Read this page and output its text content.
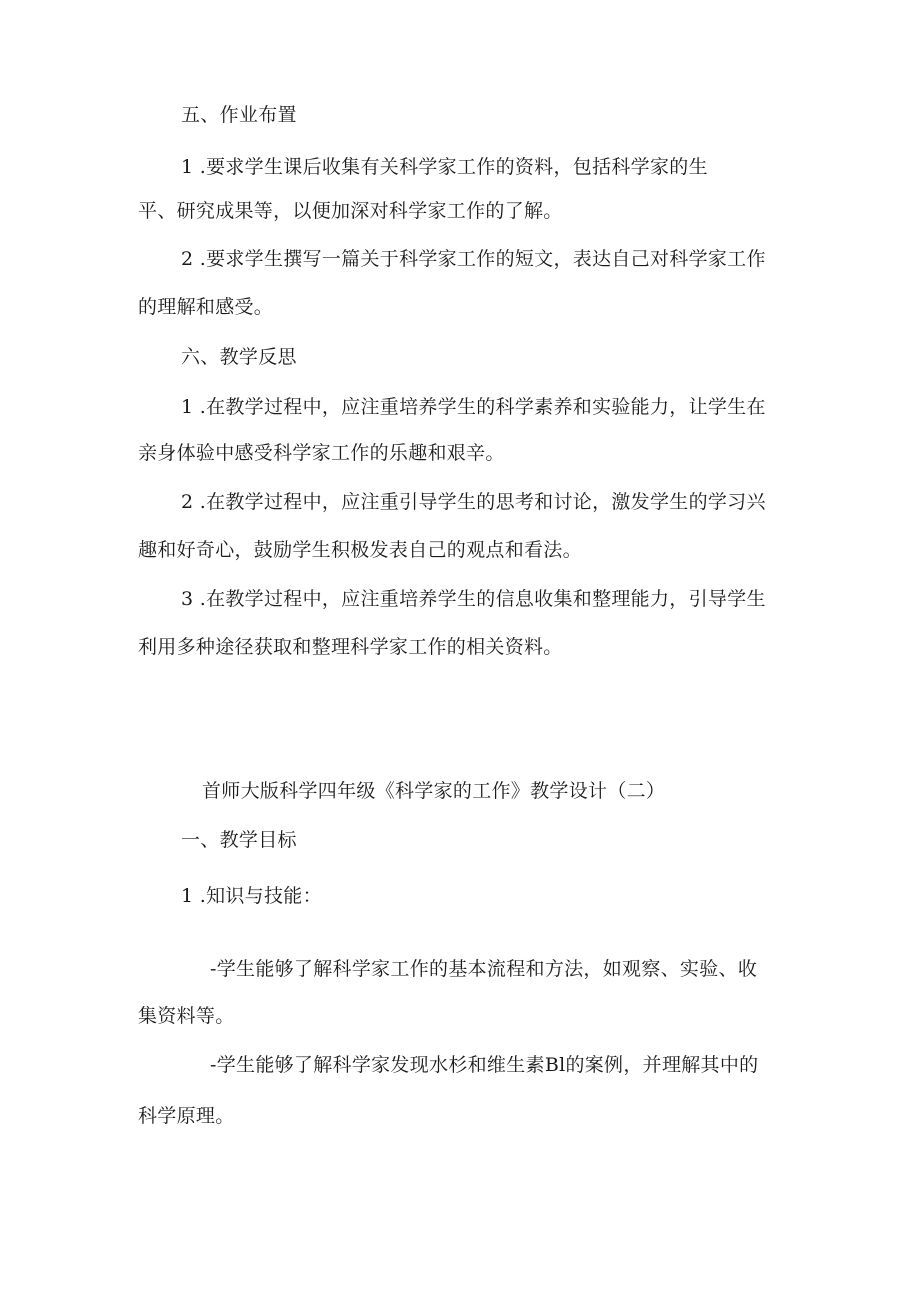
五、作业布置
1 .要求学生课后收集有关科学家工作的资料，包括科学家的生
平、研究成果等，以便加深对科学家工作的了解。
2 .要求学生撰写一篇关于科学家工作的短文，表达自己对科学家工作
的理解和感受。
六、教学反思
1 .在教学过程中，应注重培养学生的科学素养和实验能力，让学生在
亲身体验中感受科学家工作的乐趣和艰辛。
2 .在教学过程中，应注重引导学生的思考和讨论，激发学生的学习兴
趣和好奇心，鼓励学生积极发表自己的观点和看法。
3 .在教学过程中，应注重培养学生的信息收集和整理能力，引导学生
利用多种途径获取和整理科学家工作的相关资料。
首师大版科学四年级《科学家的工作》教学设计（二）
一、教学目标
1 .知识与技能：
-学生能够了解科学家工作的基本流程和方法，如观察、实验、收
集资料等。
-学生能够了解科学家发现水杉和维生素Bl的案例，并理解其中的
科学原理。
